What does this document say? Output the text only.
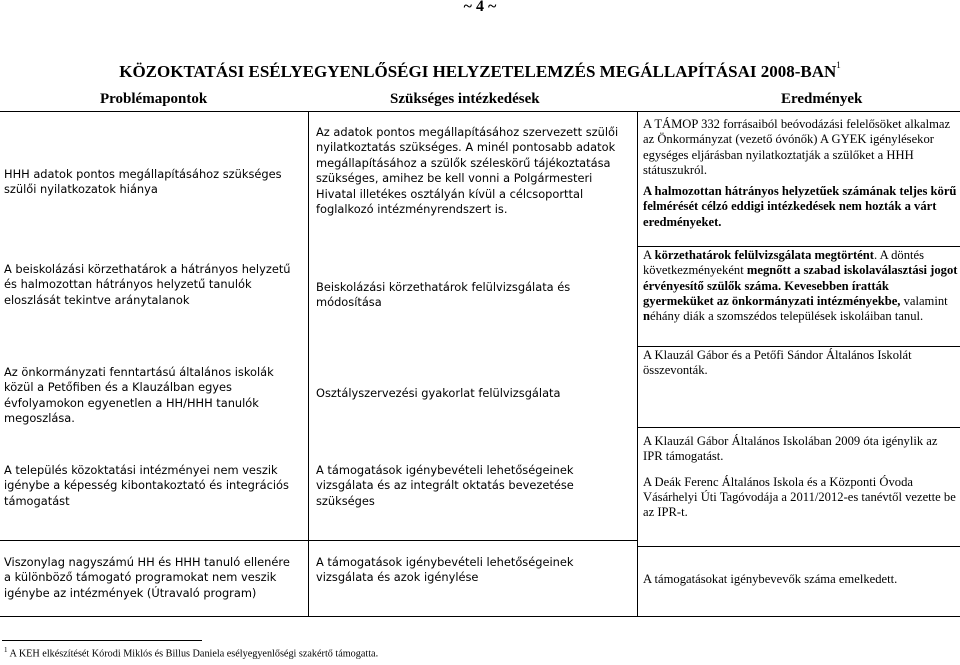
~ 4 ~
KÖZOKTATÁSI ESÉLYEGYENLŐSÉGI HELYZETELEMZÉS MEGÁLLAPÍTÁSAI 2008-BAN$^1$
Problémapontok	Szükséges intézkedések	Eredmények
HHH adatok pontos megállapításához szükséges szülői nyilatkozatok hiánya
A beiskolázási körzethatárok a hátrányos helyzetű és halmozottan hátrányos helyzetű tanulók eloszlását tekintve aránytalanok
Az önkormányzati fenntartású általános iskolák közül a Petőfiben és a Klauzálban egyes évfolyamokon egyenetlen a HH/HHH tanulók megoszlása.
A település közoktatási intézményei nem veszik igénybe a képesség kibontakoztató és integrációs támogatást
Viszonylag nagyszámú HH és HHH tanuló ellenére a különböző támogató programokat nem veszik igénybe az intézmények (Útravaló program)
Az adatok pontos megállapításához szervezett szülői nyilatkoztatás szükséges. A minél pontosabb adatok megállapításához a szülők széleskörű tájékoztatása szükséges, amihez be kell vonni a Polgármesteri Hivatal illetékes osztályán kívül a célcsoporttal foglalkozó intézményrendszert is.
Beiskolázási körzethatárok felülvizsgálata és módosítása
Osztályszervezési gyakorlat felülvizsgálata
A támogatások igénybevételi lehetőségeinek vizsgálata és az integrált oktatás bevezetése szükséges
A támogatások igénybevételi lehetőségeinek vizsgálata és azok igénylése

A TÁMOP 332 forrásaiból beóvodázási felelősöket alkalmaz az Önkormányzat (vezető óvónők) A GYEK igénylésekor egységes eljárásban nyilatkoztatják a szülőket a HHH státuszukról.

A halmozottan hátrányos helyzetűek számának teljes körű felmérését célzó eddigi intézkedések nem hozták a várt eredményeket.

A körzethatárok felülvizsgálata megtörtént. A döntés következményeként megnőtt a szabad iskolaválasztási jogot érvényesítő szülők száma. Kevesebben íratták gyermeküket az önkormányzati intézményekbe, valamint néhány diák a szomszédos települések iskoláiban tanul.
A Klauzál Gábor és a Petőfi Sándor Általános Iskolát összevonták.

A Klauzál Gábor Általános Iskolában 2009 óta igénylik az IPR támogatást.

A Deák Ferenc Általános Iskola és a Központi Óvoda Vásárhelyi Úti Tagóvodája a 2011/2012-es tanévtől vezette be az IPR-t.

A támogatásokat igénybevevők száma emelkedett.
$^1$ A KEH elkészítését Kórodi Miklós és Billus Daniela esélyegyenlőségi szakértő támogatta.
